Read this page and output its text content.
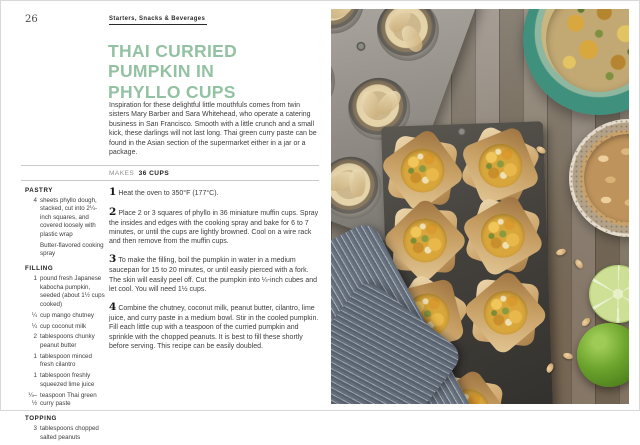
26	Starters, Snacks & Beverages
THAI CURRIED PUMPKIN IN PHYLLO CUPS

Inspiration for these delightful little mouthfuls comes from twin sisters Mary Barber and Sara Whitehead, who operate a catering business in San Francisco. Smooth with a little crunch and a small kick, these darlings will not last long. Thai green curry paste can be found in the Asian section of the supermarket either in a jar or a package.

MAKES 36 CUPS
PASTRY
4 sheets phyllo dough, stacked, cut into 2¼-inch squares, and covered loosely with plastic wrap
Butter-flavored cooking spray
FILLING
1 pound fresh Japanese kabocha pumpkin, seeded (about 1½ cups cooked)
¼ cup mango chutney
¼ cup coconut milk
2 tablespoons chunky peanut butter
1 tablespoon minced fresh cilantro
1 tablespoon freshly squeezed lime juice
¼–½
teaspoon Thai green curry paste
TOPPING
3 tablespoons chopped salted peanuts

1 Heat the oven to 350°F (177°C).

2 Place 2 or 3 squares of phyllo in 36 miniature muffin cups. Spray the insides and edges with the cooking spray and bake for 6 to 7 minutes, or until the cups are lightly browned. Cool on a wire rack and then remove from the muffin cups.

3 To make the filling, boil the pumpkin in water in a medium saucepan for 15 to 20 minutes, or until easily pierced with a fork. The skin will easily peel off. Cut the pumpkin into ¼-inch cubes and let cool. You will need 1½ cups.

4 Combine the chutney, coconut milk, peanut butter, cilantro, lime juice, and curry paste in a medium bowl. Stir in the cooled pumpkin. Fill each little cup with a teaspoon of the curried pumpkin and sprinkle with the chopped peanuts. It is best to fill these shortly before serving. This recipe can be easily doubled.
